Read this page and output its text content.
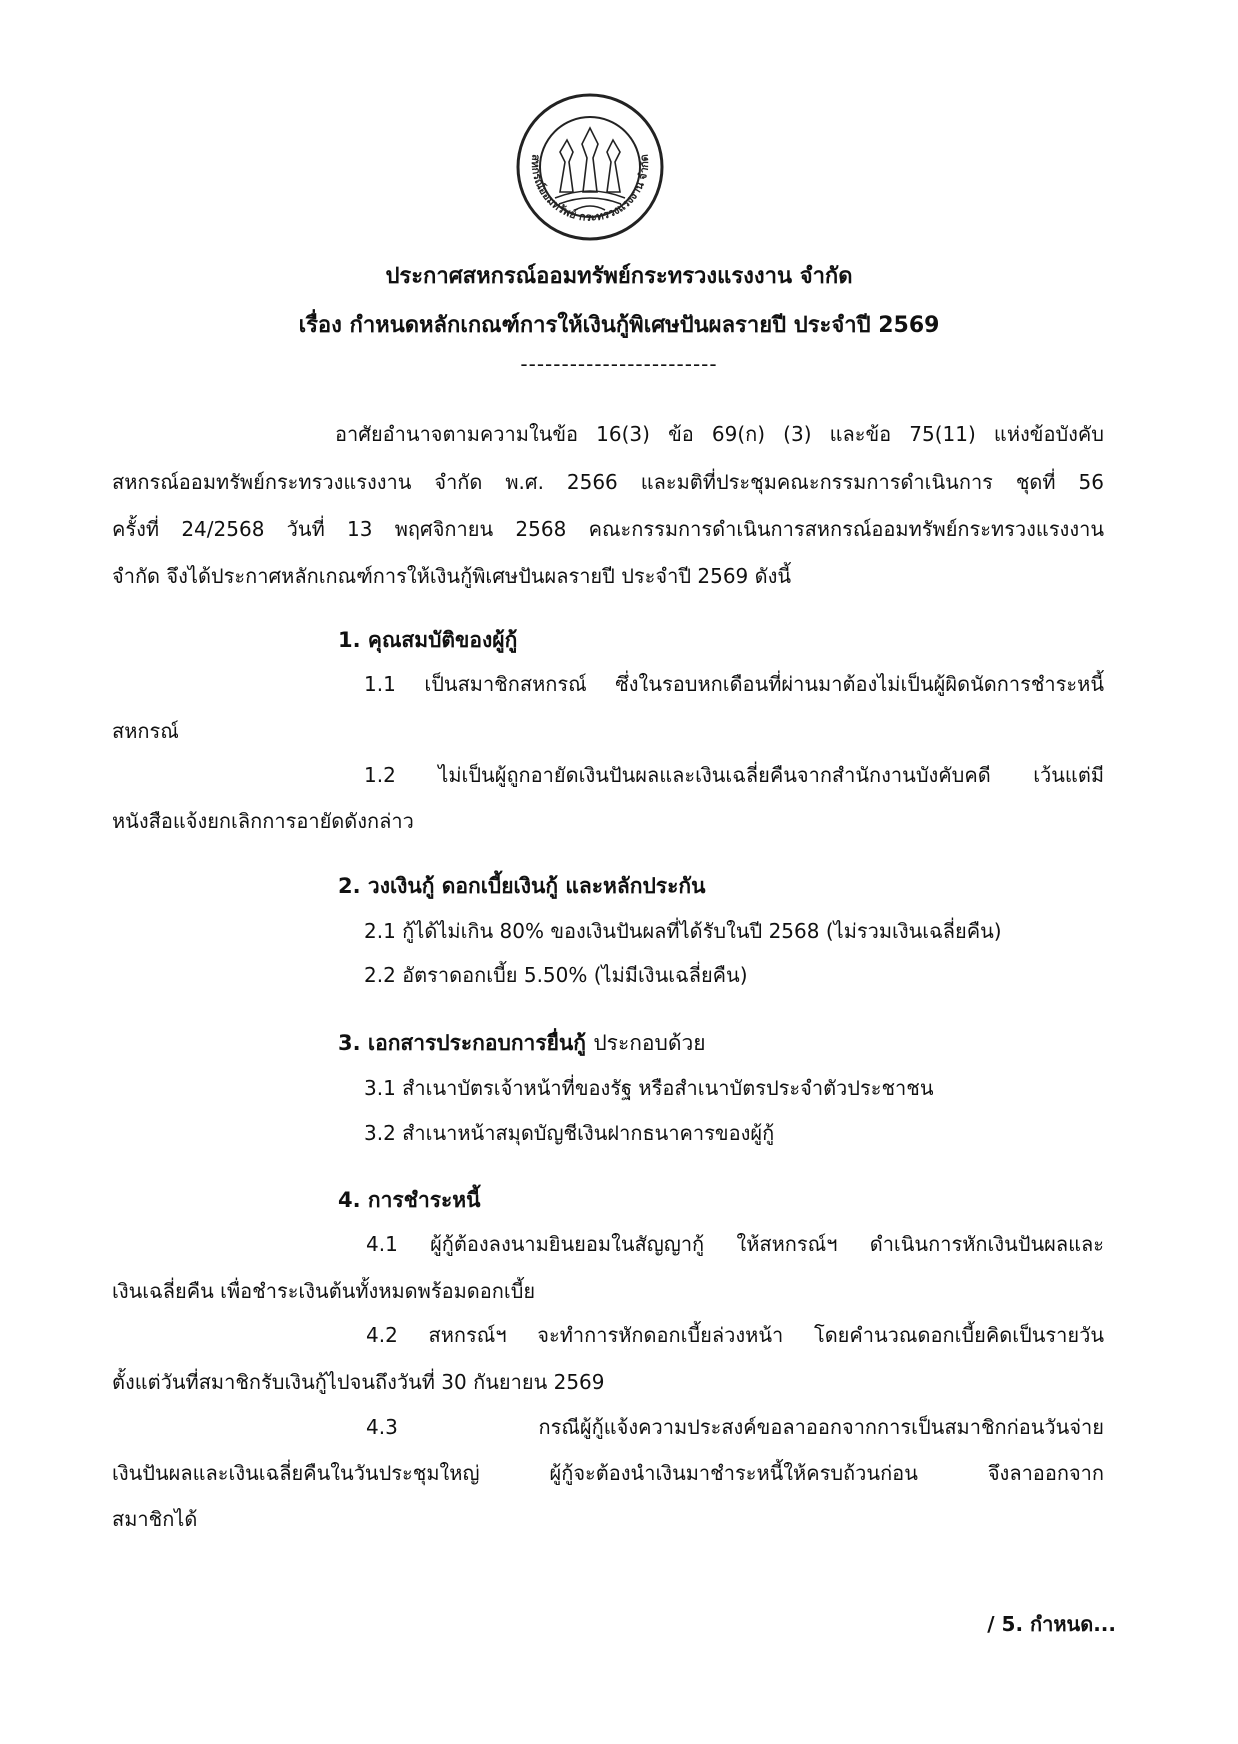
สหกรณ์ออมทรัพย์ กระทรวงแรงงาน จำกัด

ประกาศสหกรณ์ออมทรัพย์กระทรวงแรงงาน จำกัด

เรื่อง กำหนดหลักเกณฑ์การให้เงินกู้พิเศษปันผลรายปี ประจำปี 2569

------------------------

อาศัยอำนาจตามความในข้อ 16(3) ข้อ 69(ก) (3) และข้อ 75(11) แห่งข้อบังคับ

สหกรณ์ออมทรัพย์กระทรวงแรงงาน จำกัด พ.ศ. 2566 และมติที่ประชุมคณะกรรมการดำเนินการ ชุดที่ 56

ครั้งที่ 24/2568 วันที่ 13 พฤศจิกายน 2568 คณะกรรมการดำเนินการสหกรณ์ออมทรัพย์กระทรวงแรงงาน

จำกัด จึงได้ประกาศหลักเกณฑ์การให้เงินกู้พิเศษปันผลรายปี ประจำปี 2569 ดังนี้

1. คุณสมบัติของผู้กู้

1.1 เป็นสมาชิกสหกรณ์ ซึ่งในรอบหกเดือนที่ผ่านมาต้องไม่เป็นผู้ผิดนัดการชำระหนี้

สหกรณ์

1.2 ไม่เป็นผู้ถูกอายัดเงินปันผลและเงินเฉลี่ยคืนจากสำนักงานบังคับคดี เว้นแต่มี

หนังสือแจ้งยกเลิกการอายัดดังกล่าว

2. วงเงินกู้ ดอกเบี้ยเงินกู้ และหลักประกัน

2.1 กู้ได้ไม่เกิน 80% ของเงินปันผลที่ได้รับในปี 2568 (ไม่รวมเงินเฉลี่ยคืน)

2.2 อัตราดอกเบี้ย 5.50% (ไม่มีเงินเฉลี่ยคืน)

3. เอกสารประกอบการยื่นกู้ ประกอบด้วย

3.1 สำเนาบัตรเจ้าหน้าที่ของรัฐ หรือสำเนาบัตรประจำตัวประชาชน

3.2 สำเนาหน้าสมุดบัญชีเงินฝากธนาคารของผู้กู้

4. การชำระหนี้

4.1 ผู้กู้ต้องลงนามยินยอมในสัญญากู้ ให้สหกรณ์ฯ ดำเนินการหักเงินปันผลและ

เงินเฉลี่ยคืน เพื่อชำระเงินต้นทั้งหมดพร้อมดอกเบี้ย

4.2 สหกรณ์ฯ จะทำการหักดอกเบี้ยล่วงหน้า โดยคำนวณดอกเบี้ยคิดเป็นรายวัน

ตั้งแต่วันที่สมาชิกรับเงินกู้ไปจนถึงวันที่ 30 กันยายน 2569

4.3 กรณีผู้กู้แจ้งความประสงค์ขอลาออกจากการเป็นสมาชิกก่อนวันจ่าย

เงินปันผลและเงินเฉลี่ยคืนในวันประชุมใหญ่ ผู้กู้จะต้องนำเงินมาชำระหนี้ให้ครบถ้วนก่อน จึงลาออกจาก

สมาชิกได้

/ 5. กำหนด...
